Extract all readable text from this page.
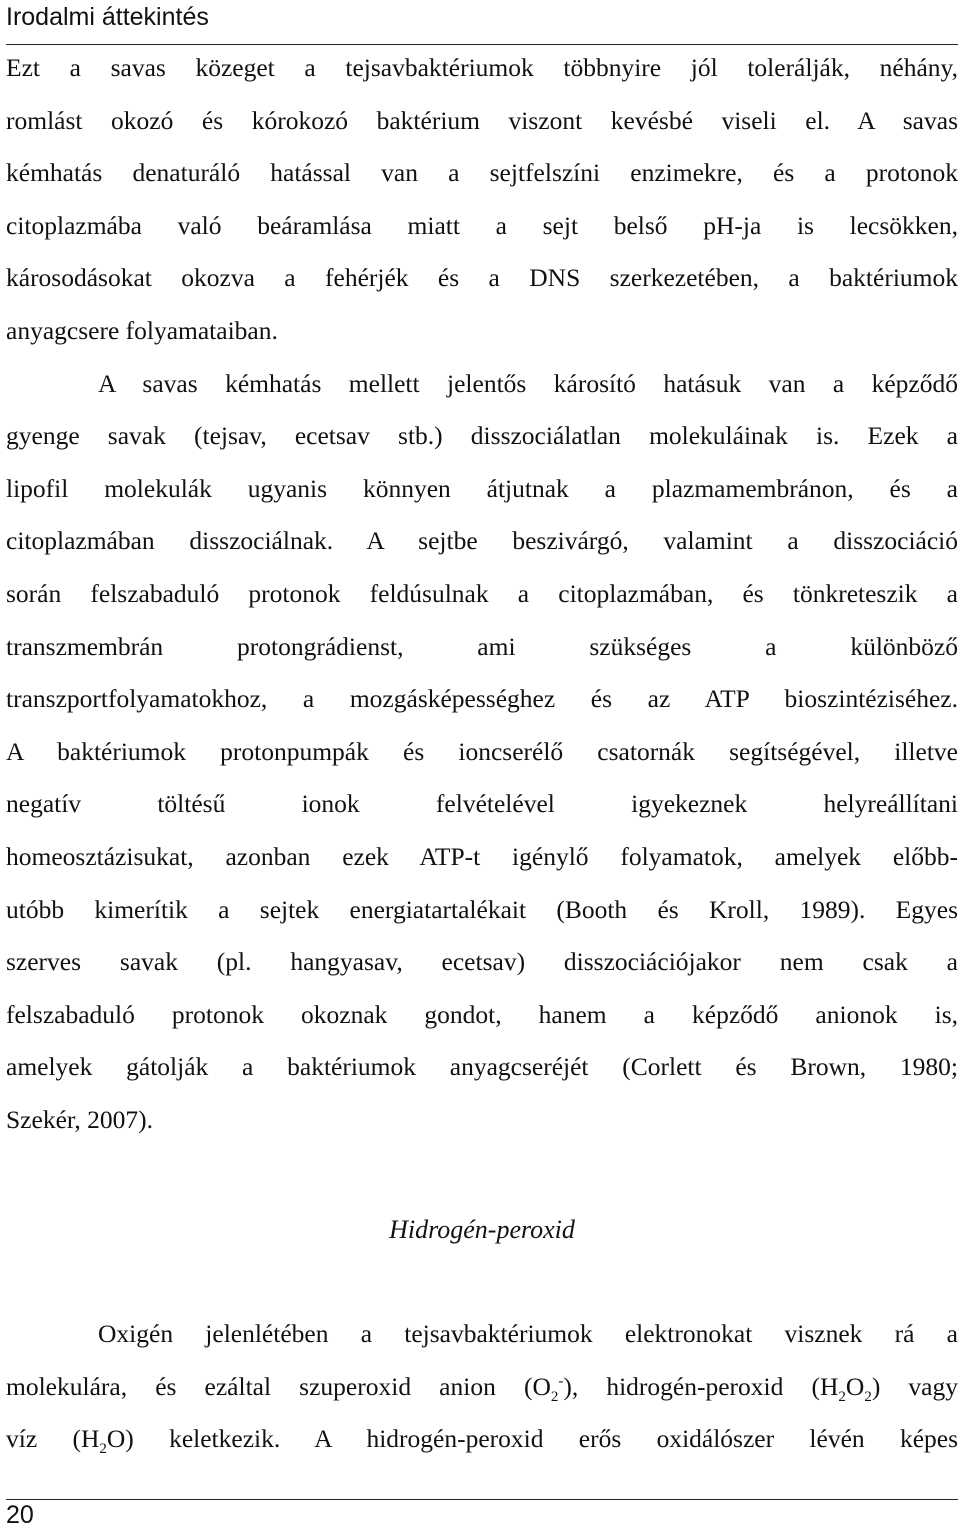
Irodalmi áttekintés
Ezt a savas közeget a tejsavbaktériumok többnyire jól tolerálják, néhány,
romlást okozó és kórokozó baktérium viszont kevésbé viseli el. A savas
kémhatás denaturáló hatással van a sejtfelszíni enzimekre, és a protonok
citoplazmába való beáramlása miatt a sejt belső pH-ja is lecsökken,
károsodásokat okozva a fehérjék és a DNS szerkezetében, a baktériumok
anyagcsere folyamataiban.
A savas kémhatás mellett jelentős károsító hatásuk van a képződő
gyenge savak (tejsav, ecetsav stb.) disszociálatlan molekuláinak is. Ezek a
lipofil molekulák ugyanis könnyen átjutnak a plazmamembránon, és a
citoplazmában disszociálnak. A sejtbe beszivárgó, valamint a disszociáció
során felszabaduló protonok feldúsulnak a citoplazmában, és tönkreteszik a
transzmembrán protongrádienst, ami szükséges a különböző
transzportfolyamatokhoz, a mozgásképességhez és az ATP bioszintéziséhez.
A baktériumok protonpumpák és ioncserélő csatornák segítségével, illetve
negatív töltésű ionok felvételével igyekeznek helyreállítani
homeosztázisukat, azonban ezek ATP-t igénylő folyamatok, amelyek előbb-
utóbb kimerítik a sejtek energiatartalékait (Booth és Kroll, 1989). Egyes
szerves savak (pl. hangyasav, ecetsav) disszociációjakor nem csak a
felszabaduló protonok okoznak gondot, hanem a képződő anionok is,
amelyek gátolják a baktériumok anyagcseréjét (Corlett és Brown, 1980;
Szekér, 2007).
Hidrogén-peroxid
Oxigén jelenlétében a tejsavbaktériumok elektronokat visznek rá a
molekulára, és ezáltal szuperoxid anion $(O_2^-)$, hidrogén-peroxid $(H_2O_2)$ vagy
víz $(H_2O)$ keletkezik. A hidrogén-peroxid erős oxidálószer lévén képes
20
